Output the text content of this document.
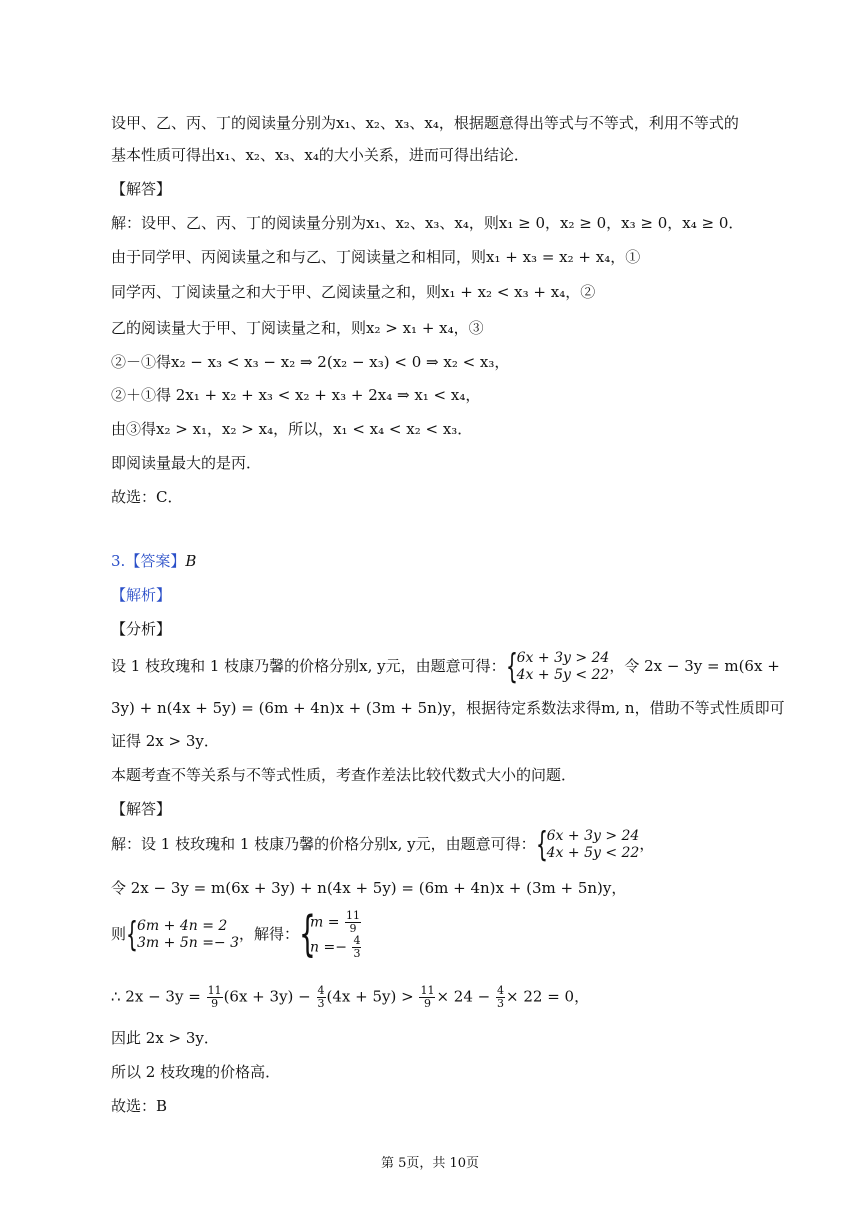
设甲、乙、丙、丁的阅读量分别为x₁、x₂、x₃、x₄，根据题意得出等式与不等式，利用不等式的
基本性质可得出x₁、x₂、x₃、x₄的大小关系，进而可得出结论．
【解答】
解：设甲、乙、丙、丁的阅读量分别为x₁、x₂、x₃、x₄，则x₁ ≥ 0，x₂ ≥ 0，x₃ ≥ 0，x₄ ≥ 0．
由于同学甲、丙阅读量之和与乙、丁阅读量之和相同，则x₁ + x₃ = x₂ + x₄，①
同学丙、丁阅读量之和大于甲、乙阅读量之和，则x₁ + x₂ < x₃ + x₄，②
乙的阅读量大于甲、丁阅读量之和，则x₂ > x₁ + x₄，③
②－①得x₂ − x₃ < x₃ − x₂ ⇒ 2(x₂ − x₃) < 0 ⇒ x₂ < x₃，
②＋①得 2x₁ + x₂ + x₃ < x₂ + x₃ + 2x₄ ⇒ x₁ < x₄，
由③得x₂ > x₁，x₂ > x₄，所以，x₁ < x₄ < x₂ < x₃．
即阅读量最大的是丙．
故选：C．
3.【答案】B
【解析】
【分析】
设 1 枝玫瑰和 1 枝康乃馨的价格分别x, y元，由题意可得： { 6x + 3y > 24
4x + 5y < 22 ，令 2x − 3y = m(6x +
3y) + n(4x + 5y) = (6m + 4n)x + (3m + 5n)y，根据待定系数法求得m, n，借助不等式性质即可
证得 2x > 3y．
本题考查不等关系与不等式性质，考查作差法比较代数式大小的问题．
【解答】
解：设 1 枝玫瑰和 1 枝康乃馨的价格分别x, y元，由题意可得： { 6x + 3y > 24
4x + 5y < 22 ，
令 2x − 3y = m(6x + 3y) + n(4x + 5y) = (6m + 4n)x + (3m + 5n)y，
则 { 6m + 4n = 2
3m + 5n =− 3 ，解得： {
$m = \frac{11}{9}$
$n =- \frac{4}{3}$
∴ $2x - 3y = \frac{11}{9} (6x + 3y) - \frac{4}{3} (4x + 5y) > \frac{11}{9} \times 24 - \frac{4}{3} \times 22 = 0$，
因此 2x > 3y．
所以 2 枝玫瑰的价格高．
故选：B
第 5页，共 10页
